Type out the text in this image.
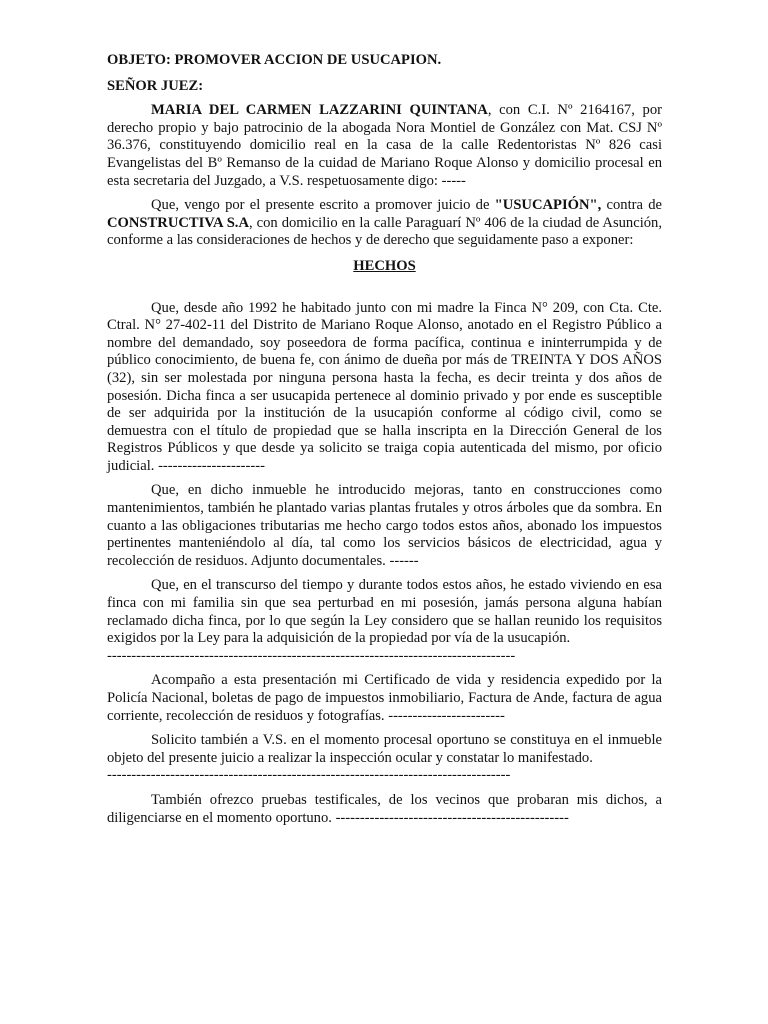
OBJETO: PROMOVER ACCION DE USUCAPION.
SEÑOR JUEZ:

MARIA DEL CARMEN LAZZARINI QUINTANA, con C.I. Nº 2164167, por derecho propio y bajo patrocinio de la abogada Nora Montiel de González con Mat. CSJ Nº 36.376, constituyendo domicilio real en la casa de la calle Redentoristas Nº 826 casi Evangelistas del Bº Remanso de la cuidad de Mariano Roque Alonso y domicilio procesal en esta secretaria del Juzgado, a V.S. respetuosamente digo: -----

Que, vengo por el presente escrito a promover juicio de "USUCAPIÓN", contra de CONSTRUCTIVA S.A, con domicilio en la calle Paraguarí Nº 406 de la ciudad de Asunción, conforme a las consideraciones de hechos y de derecho que seguidamente paso a exponer:

HECHOS

Que, desde año 1992 he habitado junto con mi madre la Finca N° 209, con Cta. Cte. Ctral. N° 27-402-11 del Distrito de Mariano Roque Alonso, anotado en el Registro Público a nombre del demandado, soy poseedora de forma pacífica, continua e ininterrumpida y de público conocimiento, de buena fe, con ánimo de dueña por más de TREINTA Y DOS AÑOS (32), sin ser molestada por ninguna persona hasta la fecha, es decir treinta y dos años de posesión. Dicha finca a ser usucapida pertenece al dominio privado y por ende es susceptible de ser adquirida por la institución de la usucapión conforme al código civil, como se demuestra con el título de propiedad que se halla inscripta en la Dirección General de los Registros Públicos y que desde ya solicito se traiga copia autenticada del mismo, por oficio judicial. ----------------------

Que, en dicho inmueble he introducido mejoras, tanto en construcciones como mantenimientos, también he plantado varias plantas frutales y otros árboles que da sombra. En cuanto a las obligaciones tributarias me hecho cargo todos estos años, abonado los impuestos pertinentes manteniéndolo al día, tal como los servicios básicos de electricidad, agua y recolección de residuos. Adjunto documentales. ------

Que, en el transcurso del tiempo y durante todos estos años, he estado viviendo en esa finca con mi familia sin que sea perturbad en mi posesión, jamás persona alguna habían reclamado dicha finca, por lo que según la Ley considero que se hallan reunido los requisitos exigidos por la Ley para la adquisición de la propiedad por vía de la usucapión.
------------------------------------------------------------------------------------

Acompaño a esta presentación mi Certificado de vida y residencia expedido por la Policía Nacional, boletas de pago de impuestos inmobiliario, Factura de Ande, factura de agua corriente, recolección de residuos y fotografías. ------------------------

Solicito también a V.S. en el momento procesal oportuno se constituya en el inmueble objeto del presente juicio a realizar la inspección ocular y constatar lo manifestado.
-----------------------------------------------------------------------------------

También ofrezco pruebas testificales, de los vecinos que probaran mis dichos, a diligenciarse en el momento oportuno. ------------------------------------------------
